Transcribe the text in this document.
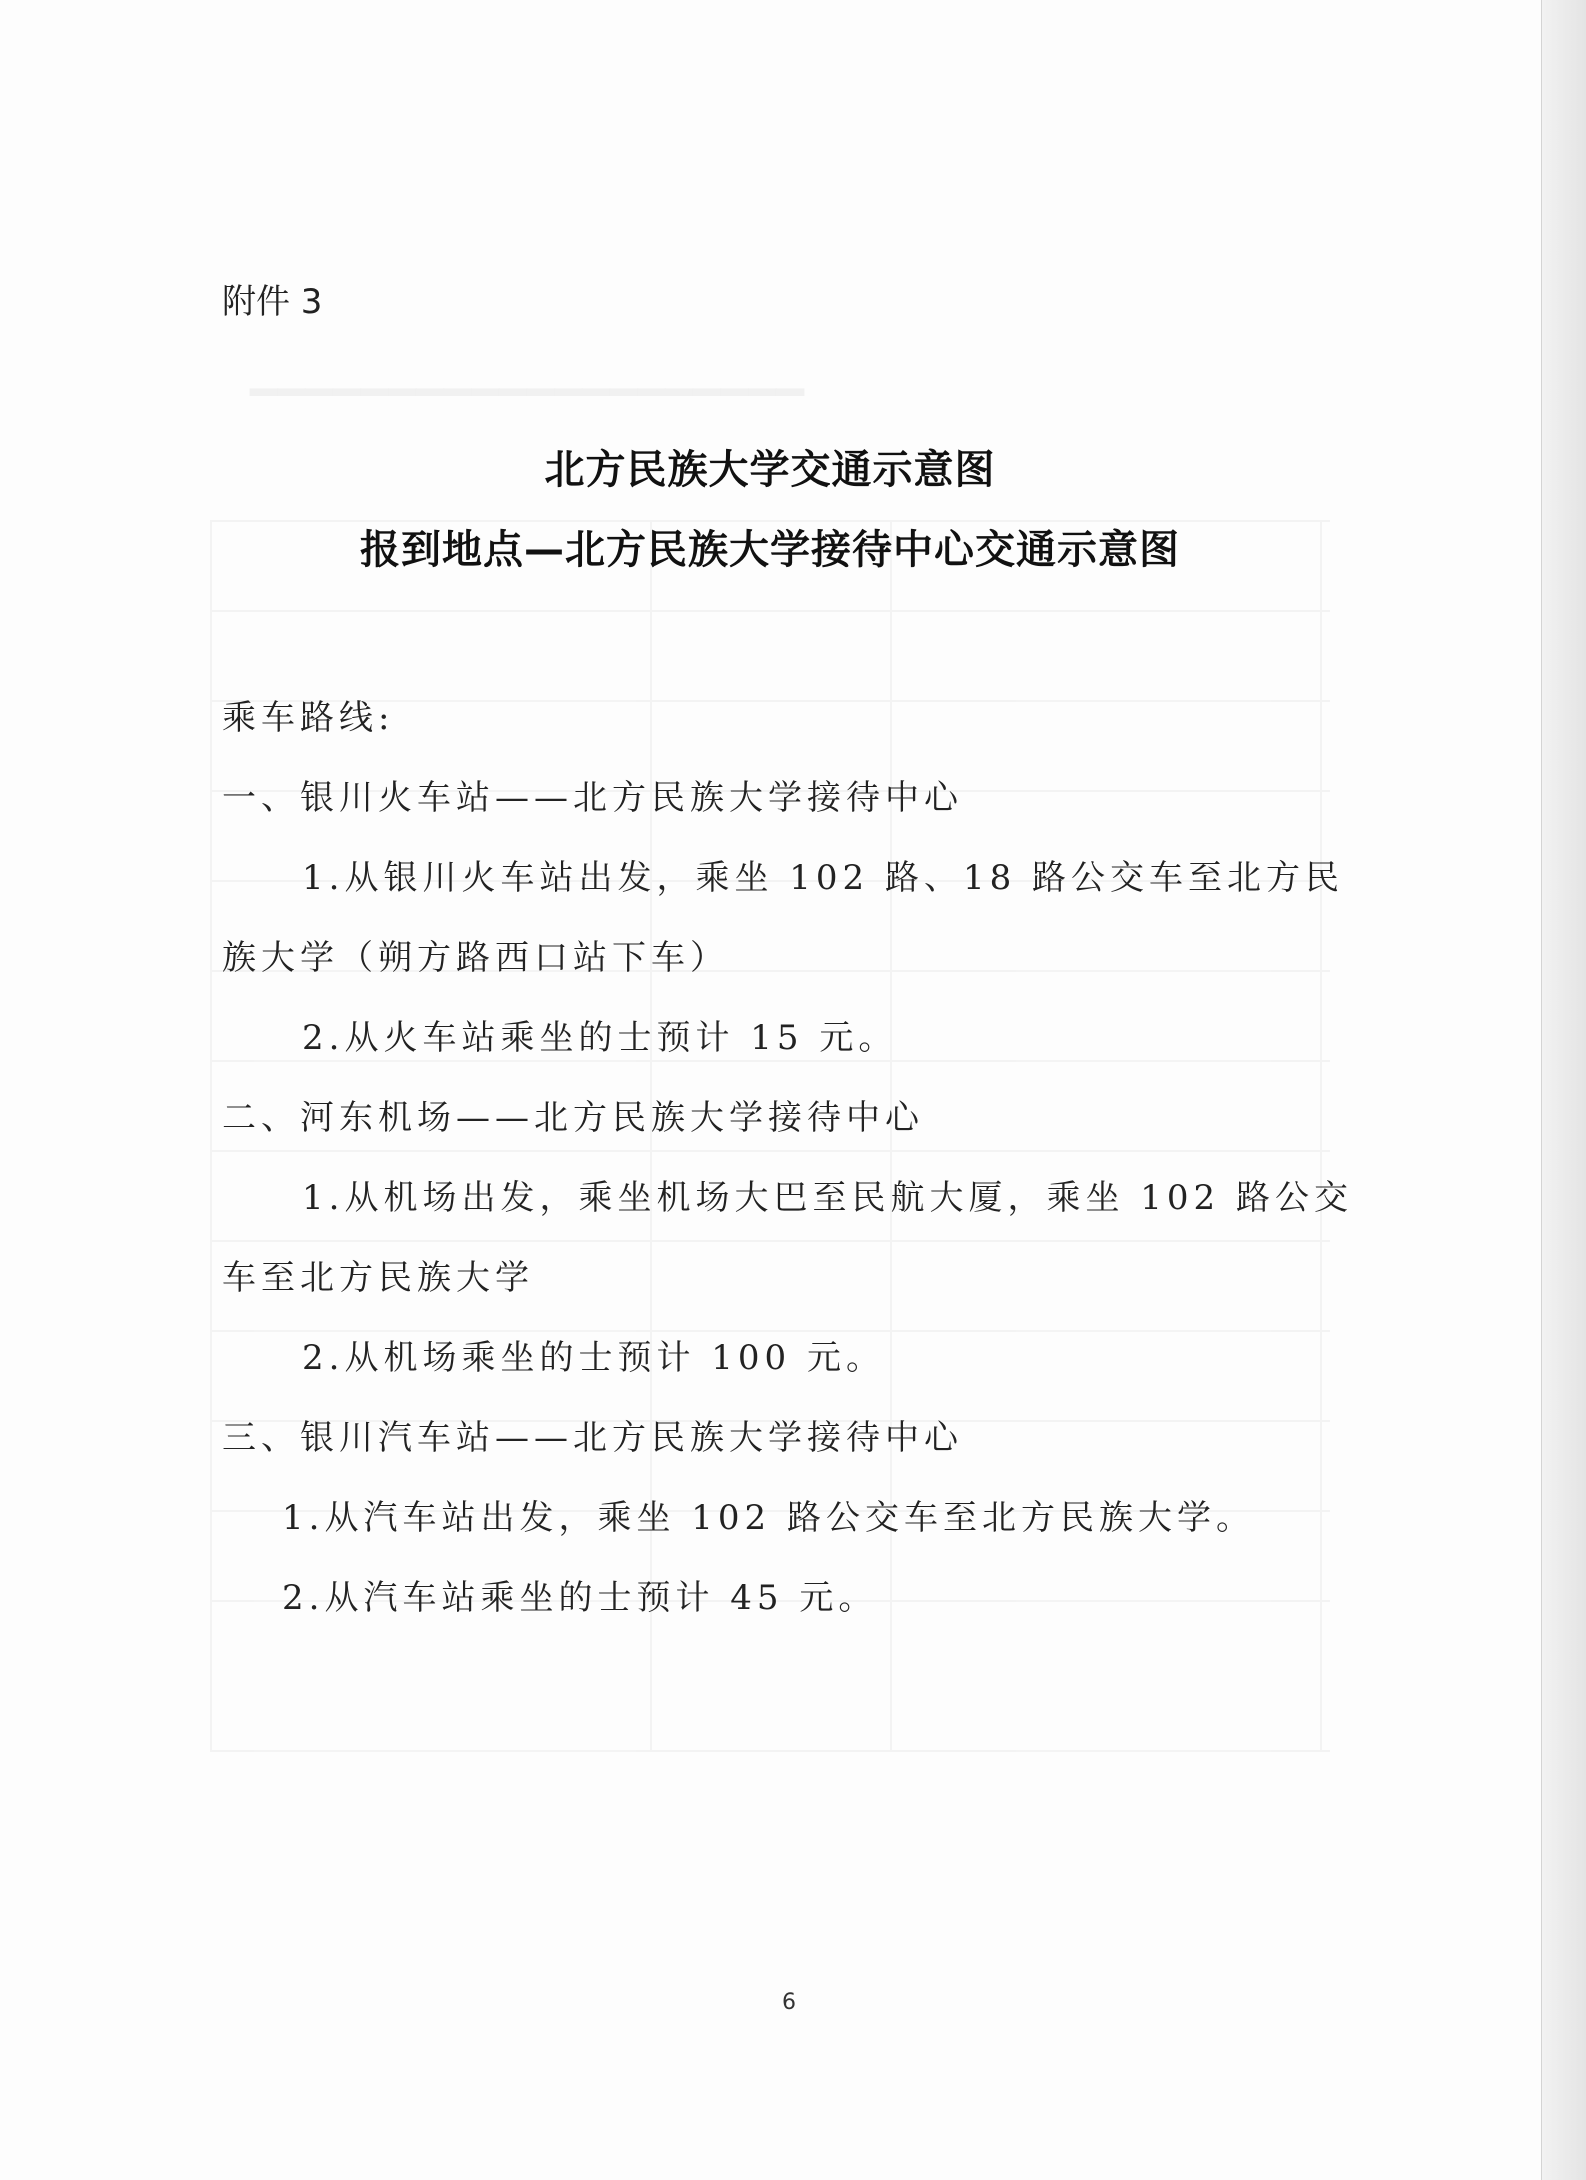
━━━━━━━━━━━━━━━━━━━━
附件 3
北方民族大学交通示意图
报到地点—北方民族大学接待中心交通示意图
乘车路线:
一、银川火车站——北方民族大学接待中心
1.从银川火车站出发，乘坐 102 路、18 路公交车至北方民
族大学（朔方路西口站下车）
2.从火车站乘坐的士预计 15 元。
二、河东机场——北方民族大学接待中心
1.从机场出发，乘坐机场大巴至民航大厦，乘坐 102 路公交
车至北方民族大学
2.从机场乘坐的士预计 100 元。
三、银川汽车站——北方民族大学接待中心
1.从汽车站出发，乘坐 102 路公交车至北方民族大学。
2.从汽车站乘坐的士预计 45 元。
6
